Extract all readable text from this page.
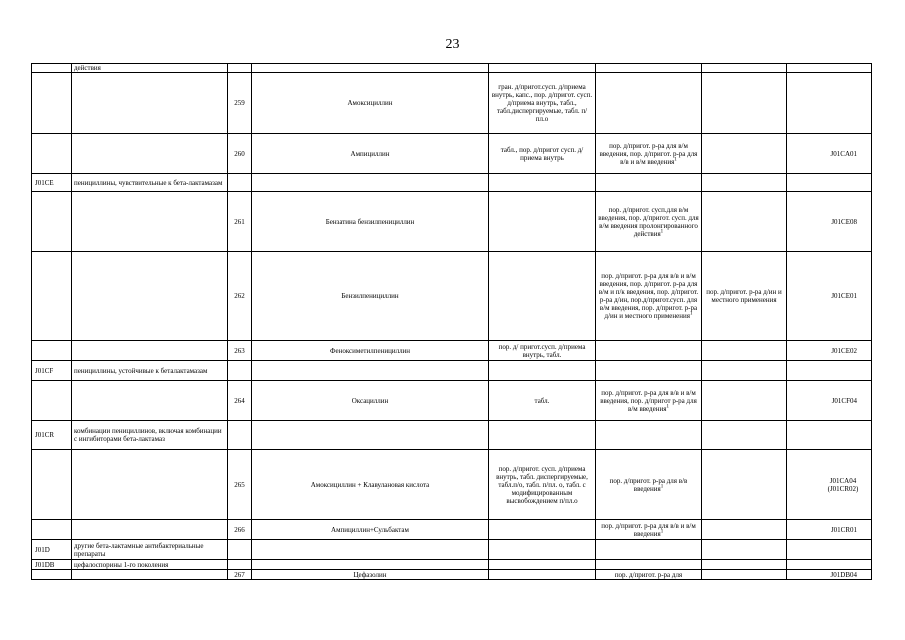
23
	действия						
		259	Амоксициллин	гран. д/пригот.сусп. д/приема внутрь, капс., пор. д/пригот. сусп. д/приема внутрь, табл., табл.диспергируемые, табл. п/пл.о			
		260	Ампициллин	табл., пор. д/пригот сусп. д/приема внутрь	пор. д/пригот. р-ра для в/м введения, пор. д/пригот. р-ра для в/в и в/м введения$^1$		J01CA01
J01CE	пенициллины, чувствительные к бета-лактамазам						
		261	Бензатина бензилпенициллин		пор. д/пригот. сусп.для в/м введения, пор. д/пригот. сусп. для в/м введения пролонгированного действия$^1$		J01CE08
		262	Бензилпенициллин		пор. д/пригот. р-ра для в/в и в/м введения, пор. д/пригот. р-ра для в/м и п/к введения, пор. д/пригот. р-ра д/ин, пор.д/пригот.сусп. для в/м введения, пор. д/пригот. р-ра д/ин и местного применения$^1$	пор. д/пригот. р-ра д/ин и местного применения	J01CE01
		263	Феноксиметилпенициллин	пор. д/ пригот.сусп. д/приема внутрь, табл.			J01CE02
J01CF	пенициллины, устойчивые к беталактамазам						
		264	Оксациллин	табл.	пор. д/пригот. р-ра для в/в и в/м введения, пор. д/пригот р-ра для в/м введения$^1$		J01CF04
J01CR	комбинации пенициллинов, включая комбинации с ингибиторами бета-лактамаз						
		265	Амоксициллин + Клавулановая кислота	пор. д/пригот. сусп. д/приема внутрь, табл. диспергируемые, табл.п/о, табл. п/пл. о, табл. с модифицированным высвобождением п/пл.о	пор. д/пригот. р-ра для в/в введения$^1$		J01CA04
(J01CR02)
		266	Ампициллин+Сульбактам		пор. д/пригот. р-ра для в/в и в/м введения$^1$		J01CR01
J01D	другие бета-лактамные антибактериальные препараты						
J01DB	цефалоспорины 1-го поколения						
		267	Цефазолин		пор. д/пригот. р-ра для		J01DB04
